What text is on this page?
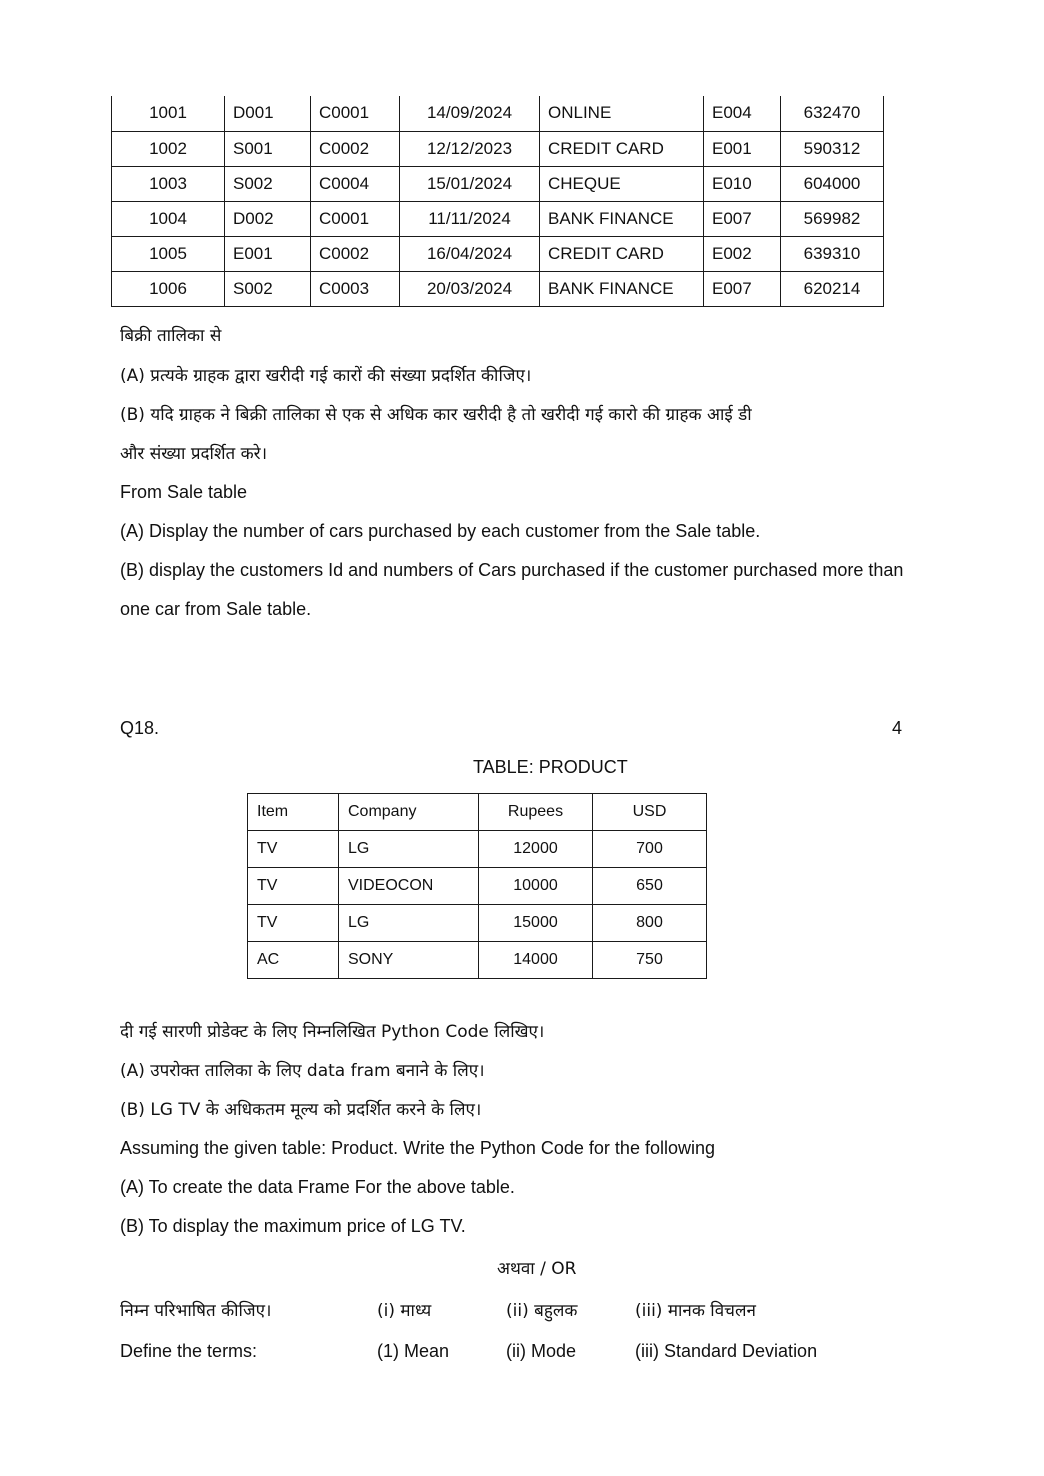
1001	D001	C0001	14/09/2024	ONLINE	E004	632470
1002	S001	C0002	12/12/2023	CREDIT CARD	E001	590312
1003	S002	C0004	15/01/2024	CHEQUE	E010	604000
1004	D002	C0001	11/11/2024	BANK FINANCE	E007	569982
1005	E001	C0002	16/04/2024	CREDIT CARD	E002	639310
1006	S002	C0003	20/03/2024	BANK FINANCE	E007	620214
बिक्री तालिका से
(A) प्रत्यके ग्राहक द्वारा खरीदी गई कारों की संख्या प्रदर्शित कीजिए।
(B) यदि ग्राहक ने बिक्री तालिका से एक से अधिक कार खरीदी है तो खरीदी गई कारो की ग्राहक आई डी
और संख्या प्रदर्शित करे।
From Sale table
(A) Display the number of cars purchased by each customer from the Sale table.
(B) display the customers Id and numbers of Cars purchased if the customer purchased more than
one car from Sale table.
Q18.	4
TABLE: PRODUCT
Item	Company	Rupees	USD
TV	LG	12000	700
TV	VIDEOCON	10000	650
TV	LG	15000	800
AC	SONY	14000	750
दी गई सारणी प्रोडेक्ट के लिए निम्नलिखित Python Code लिखिए।
(A) उपरोक्त तालिका के लिए data fram बनाने के लिए।
(B) LG TV के अधिकतम मूल्य को प्रदर्शित करने के लिए।
Assuming the given table: Product. Write the Python Code for the following
(A) To create the data Frame For the above table.
(B) To display the maximum price of LG TV.
अथवा / OR
निम्न परिभाषित कीजिए।	(i) माध्य	(ii) बहुलक	(iii) मानक विचलन
Define the terms:	(1) Mean	(ii) Mode	(iii) Standard Deviation
